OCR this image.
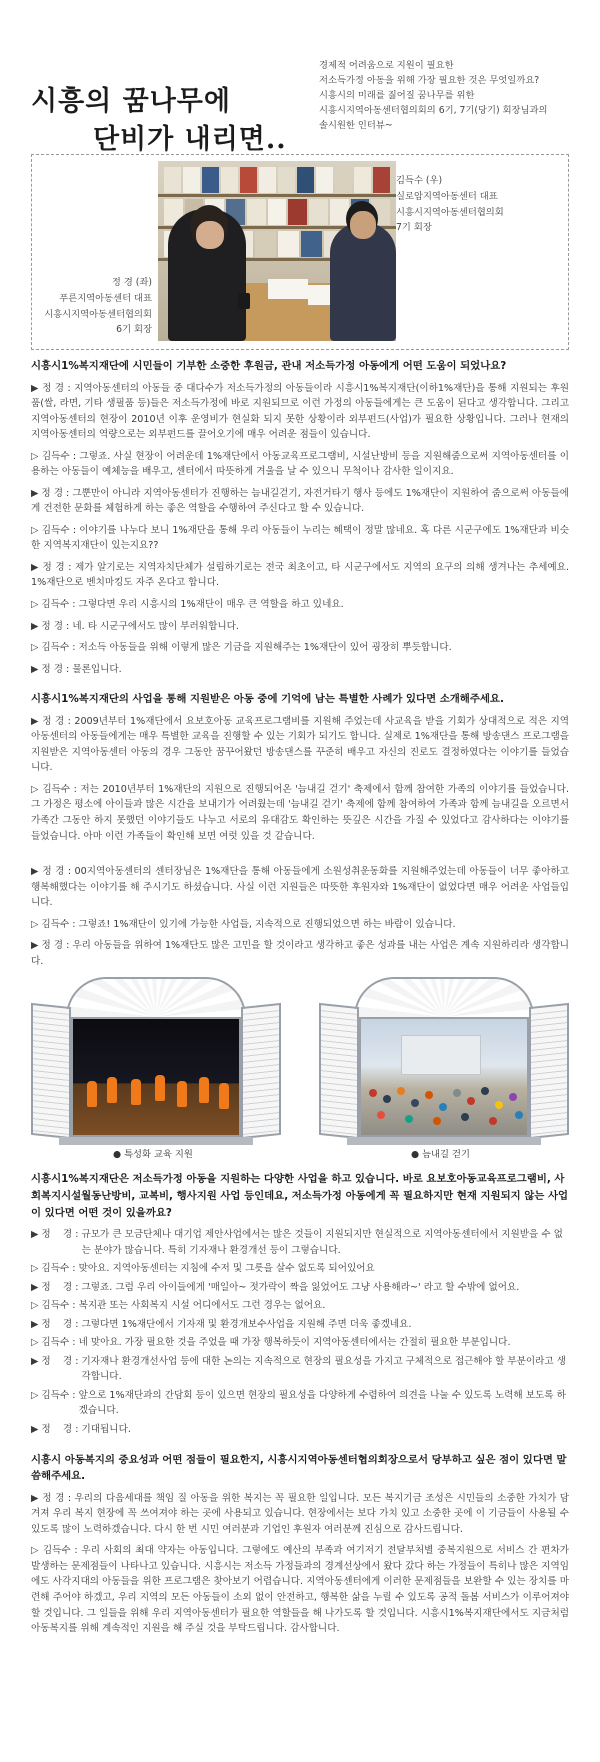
시흥의 꿈나무에
단비가 내리면..
경제적 어려움으로 지원이 필요한
저소득가정 아동을 위해 가장 필요한 것은 무엇일까요?
시흥시의 미래를 짊어질 꿈나무를 위한
시흥시지역아동센터협의회의 6기, 7기(당기) 회장님과의
솔시원한 인터뷰~
정 경 (좌)
푸른지역아동센터 대표
시흥시지역아동센터협의회
6기 회장
김득수 (우)
실로암지역아동센터 대표
시흥시지역아동센터협의회
7기 회장
시흥시1%복지재단에 시민들이 기부한 소중한 후원금, 관내 저소득가정 아동에게 어떤 도움이 되었나요?
▶ 정 경 : 지역아동센터의 아동들 중 대다수가 저소득가정의 아동들이라 시흥시1%복지재단(이하1%재단)을 통해 지원되는 후원품(쌀, 라면, 기타 생필품 등)들은 저소득가정에 바로 지원되므로 이런 가정의 아동들에게는 큰 도움이 된다고 생각합니다. 그리고 지역아동센터의 현장이 2010년 이후 운영비가 현실화 되지 못한 상황이라 외부펀드(사업)가 필요한 상황입니다. 그러나 현재의 지역아동센터의 역량으로는 외부펀드를 끌어오기에 매우 어려운 점들이 있습니다.
▷ 김득수 : 그렇죠. 사실 현장이 어려운데 1%재단에서 아동교육프로그램비, 시설난방비 등을 지원해줌으로써 지역아동센터를 이용하는 아동들이 예체능을 배우고, 센터에서 따뜻하게 겨울을 날 수 있으니 무척이나 감사한 일이지요.
▶ 정 경 : 그뿐만이 아니라 지역아동센터가 진행하는 늠내길걷기, 자전거타기 행사 등에도 1%재단이 지원하여 줌으로써 아동들에게 건전한 문화를 체험하게 하는 좋은 역할을 수행하여 주신다고 할 수 있습니다.
▷ 김득수 : 이야기를 나누다 보니 1%재단을 통해 우리 아동들이 누리는 혜택이 정말 많네요. 혹 다른 시군구에도 1%재단과 비슷한 지역복지재단이 있는지요??
▶ 정 경 : 제가 알기로는 지역자치단체가 설립하기로는 전국 최초이고, 타 시군구에서도 지역의 요구의 의해 생겨나는 추세예요. 1%재단으로 벤치마킹도 자주 온다고 합니다.
▷ 김득수 : 그렇다면 우리 시흥시의 1%재단이 매우 큰 역할을 하고 있네요.
▶ 정 경 : 네. 타 시군구에서도 많이 부러워합니다.
▷ 김득수 : 저소득 아동들을 위해 이렇게 많은 기금을 지원해주는 1%재단이 있어 굉장히 뿌듯합니다.
▶ 정 경 : 물론입니다.
시흥시1%복지재단의 사업을 통해 지원받은 아동 중에 기억에 남는 특별한 사례가 있다면 소개해주세요.
▶ 정 경 : 2009년부터 1%재단에서 요보호아동 교육프로그램비를 지원해 주었는데 사교육을 받을 기회가 상대적으로 적은 지역아동센터의 아동들에게는 매우 특별한 교육을 진행할 수 있는 기회가 되기도 합니다. 실제로 1%재단을 통해 방송댄스 프로그램을 지원받은 지역아동센터 아동의 경우 그동안 꿈꾸어왔던 방송댄스를 꾸준히 배우고 자신의 진로도 결정하였다는 이야기를 들었습니다.
▷ 김득수 : 저는 2010년부터 1%재단의 지원으로 진행되어온 '늠내길 걷기' 축제에서 함께 참여한 가족의 이야기를 들었습니다. 그 가정은 평소에 아이들과 많은 시간을 보내기가 어려웠는데 '늠내길 걷기' 축제에 함께 참여하여 가족과 함께 늠내길을 오르면서 가족간 그동안 하지 못했던 이야기들도 나누고 서로의 유대감도 확인하는 뜻깊은 시간을 가질 수 있었다고 감사하다는 이야기를 들었습니다. 아마 이런 가족들이 확인해 보면 여럿 있을 것 같습니다.
▶ 정 경 : 00지역아동센터의 센터장님은 1%재단을 통해 아동들에게 소원성취운동화를 지원해주었는데 아동들이 너무 좋아하고 행복해했다는 이야기를 해 주시기도 하셨습니다. 사실 이런 지원들은 따뜻한 후원자와 1%재단이 없었다면 매우 어려운 사업들입니다.
▷ 김득수 : 그렇죠! 1%재단이 있기에 가능한 사업들, 지속적으로 진행되었으면 하는 바람이 있습니다.
▶ 정 경 : 우리 아동들을 위하여 1%재단도 많은 고민을 할 것이라고 생각하고 좋은 성과를 내는 사업은 계속 지원하리라 생각합니다.
● 특성화 교육 지원	● 늠내길 걷기
시흥시1%복지재단은 저소득가정 아동을 지원하는 다양한 사업을 하고 있습니다. 바로 요보호아동교육프로그램비, 사회복지시설월동난방비, 교복비, 행사지원 사업 등인데요, 저소득가정 아동에게 꼭 필요하지만 현재 지원되지 않는 사업이 있다면 어떤 것이 있을까요?
▶ 정    경 : 규모가 큰 모금단체나 대기업 제안사업에서는 많은 것들이 지원되지만 현실적으로 지역아동센터에서 지원받을 수 없는 분야가 많습니다. 특히 기자재나 환경개선 등이 그렇습니다.
▷ 김득수 : 맞아요. 지역아동센터는 지침에 수저 및 그릇을 살수 없도록 되어있어요
▶ 정    경 : 그렇죠. 그럼 우리 아이들에게 '매일아~ 젓가락이 짝을 잃었어도 그냥 사용해라~' 라고 할 수밖에 없어요.
▷ 김득수 : 복지관 또는 사회복지 시설 어디에서도 그런 경우는 없어요.
▶ 정    경 : 그렇다면 1%재단에서 기자재 및 환경개보수사업을 지원해 주면 더욱 좋겠네요.
▷ 김득수 : 네 맞아요. 가장 필요한 것을 주었을 때 가장 행복하듯이 지역아동센터에서는 간절히 필요한 부분입니다.
▶ 정    경 : 기자재나 환경개선사업 등에 대한 논의는 지속적으로 현장의 필요성을 가지고 구체적으로 접근해야 할 부분이라고 생각합니다.
▷ 김득수 : 앞으로 1%재단과의 간담회 등이 있으면 현장의 필요성을 다양하게 수렴하여 의견을 나눌 수 있도록 노력해 보도록 하겠습니다.
▶ 정    경 : 기대됩니다.
시흥시 아동복지의 중요성과 어떤 점들이 필요한지, 시흥시지역아동센터협의회장으로서 당부하고 싶은 점이 있다면 말씀해주세요.
▶ 정 경 : 우리의 다음세대를 책임 질 아동을 위한 복지는 꼭 필요한 일입니다. 모든 복지기금 조성은 시민들의 소중한 가치가 담겨져 우리 복지 현장에 꼭 쓰여져야 하는 곳에 사용되고 있습니다. 현장에서는 보다 가치 있고 소중한 곳에 이 기금들이 사용될 수 있도록 많이 노력하겠습니다. 다시 한 번 시민 여러분과 기업인 후원자 여러분께 진심으로 감사드립니다.
▷ 김득수 : 우리 사회의 최대 약자는 아동입니다. 그렇에도 예산의 부족과 여기저기 전달부처별 중복지원으로 서비스 간 편차가 발생하는 문제점들이 나타나고 있습니다. 시흥시는 저소득 가정들과의 경계선상에서 왔다 갔다 하는 가정들이 특히나 많은 지역임에도 사각지대의 아동들을 위한 프로그램은 찾아보기 어렵습니다. 지역아동센터에게 이러한 문제점들을 보완할 수 있는 장치를 마련해 주어야 하겠고, 우리 지역의 모든 아동들이 소외 없이 안전하고, 행복한 삶을 누릴 수 있도록 공적 돌봄 서비스가 이루어져야 할 것입니다. 그 일들을 위해 우리 지역아동센터가 필요한 역할들을 해 나가도록 할 것입니다. 시흥시1%복지재단에서도 지금처럼 아동복지를 위해 계속적인 지원을 해 주실 것을 부탁드립니다. 감사합니다.
